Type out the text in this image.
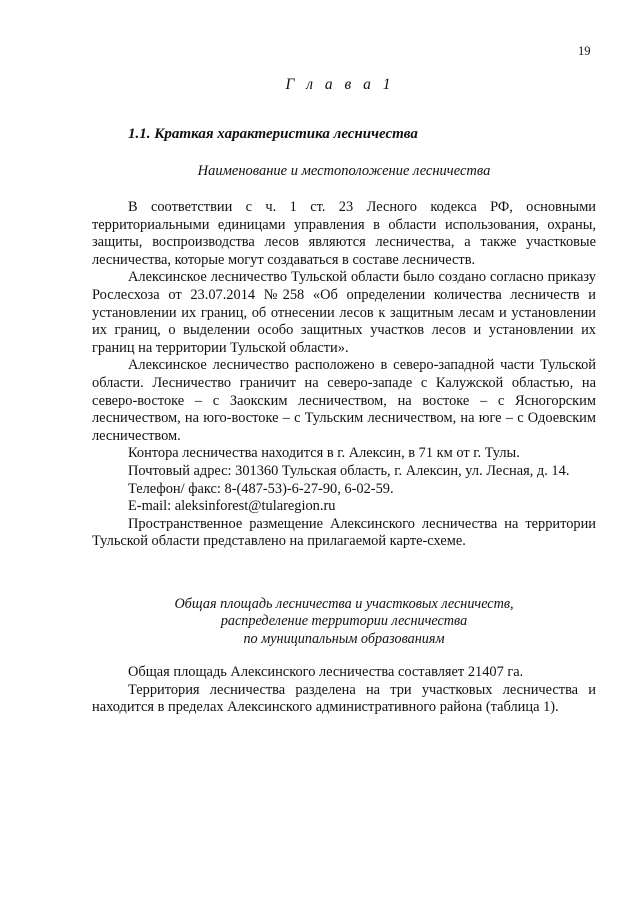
19
Г л а в а 1
1.1. Краткая характеристика лесничества
Наименование и местоположение лесничества

В соответствии с ч. 1 ст. 23 Лесного кодекса РФ, основными территориальными единицами управления в области использования, охраны, защиты, воспроизводства лесов являются лесничества, а также участковые лесничества, которые могут создаваться в составе лесничеств.

Алексинское лесничество Тульской области было создано согласно приказу Рослесхоза от 23.07.2014 №258 «Об определении количества лесничеств и установлении их границ, об отнесении лесов к защитным лесам и установлении их границ, о выделении особо защитных участков лесов и установлении их границ на территории Тульской области».

Алексинское лесничество расположено в северо-западной части Тульской области. Лесничество граничит на северо-западе с Калужской областью, на северо-востоке – с Заокским лесничеством, на востоке – с Ясногорским лесничеством, на юго-востоке – с Тульским лесничеством, на юге – с Одоевским лесничеством.

Контора лесничества находится в г. Алексин, в 71 км от г. Тулы.

Почтовый адрес: 301360 Тульская область, г. Алексин, ул. Лесная, д. 14.

Телефон/ факс: 8-(487-53)-6-27-90, 6-02-59.

E-mail: aleksinforest@tularegion.ru

Пространственное размещение Алексинского лесничества на территории Тульской области представлено на прилагаемой карте-схеме.

Общая площадь лесничества и участковых лесничеств,
распределение территории лесничества
по муниципальным образованиям

Общая площадь Алексинского лесничества составляет 21407 га.

Территория лесничества разделена на три участковых лесничества и находится в пределах Алексинского административного района (таблица 1).
